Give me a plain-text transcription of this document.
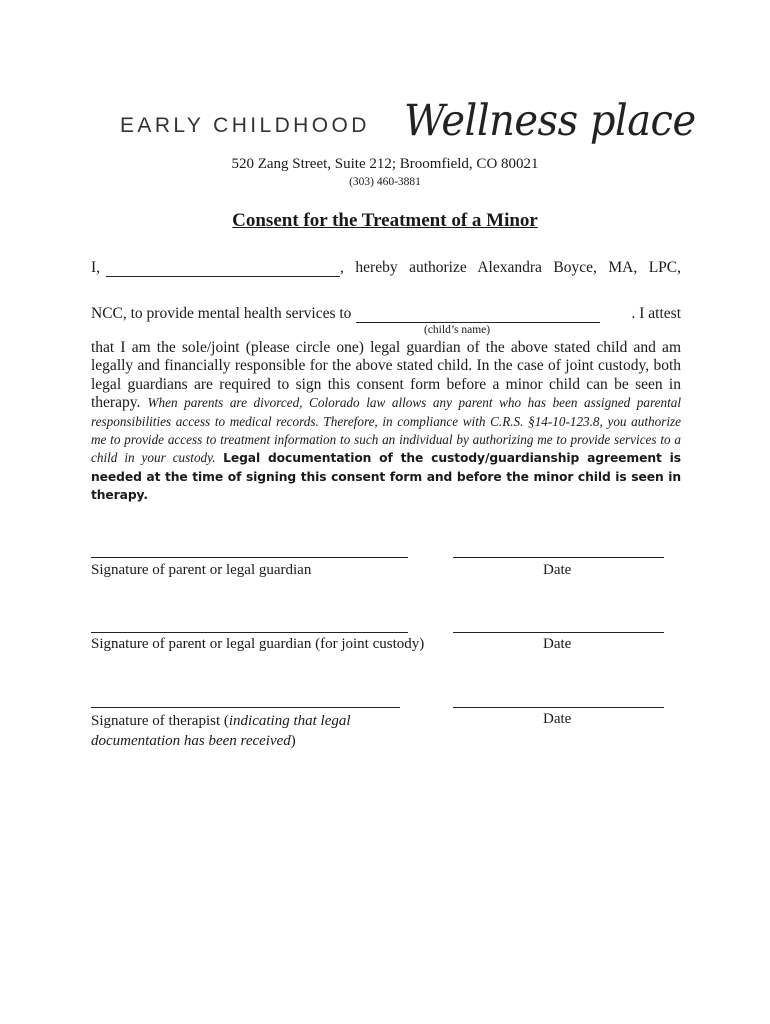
EARLY CHILDHOOD Wellness place
520 Zang Street, Suite 212; Broomfield, CO 80021
(303) 460-3881
Consent for the Treatment of a Minor
I,	, hereby authorize Alexandra Boyce, MA, LPC,
NCC, to provide mental health services to	. I attest
(child’s name)
that I am the sole/joint (please circle one) legal guardian of the above stated child and am legally and financially responsible for the above stated child. In the case of joint custody, both legal guardians are required to sign this consent form before a minor child can be seen in therapy. When parents are divorced, Colorado law allows any parent who has been assigned parental responsibilities access to medical records. Therefore, in compliance with C.R.S. §14-10-123.8, you authorize me to provide access to treatment information to such an individual by authorizing me to provide services to a child in your custody. Legal documentation of the custody/guardianship agreement is needed at the time of signing this consent form and before the minor child is seen in therapy.
Signature of parent or legal guardian	Date
Signature of parent or legal guardian (for joint custody)	Date
Signature of therapist (indicating that legal documentation has been received)
Date
